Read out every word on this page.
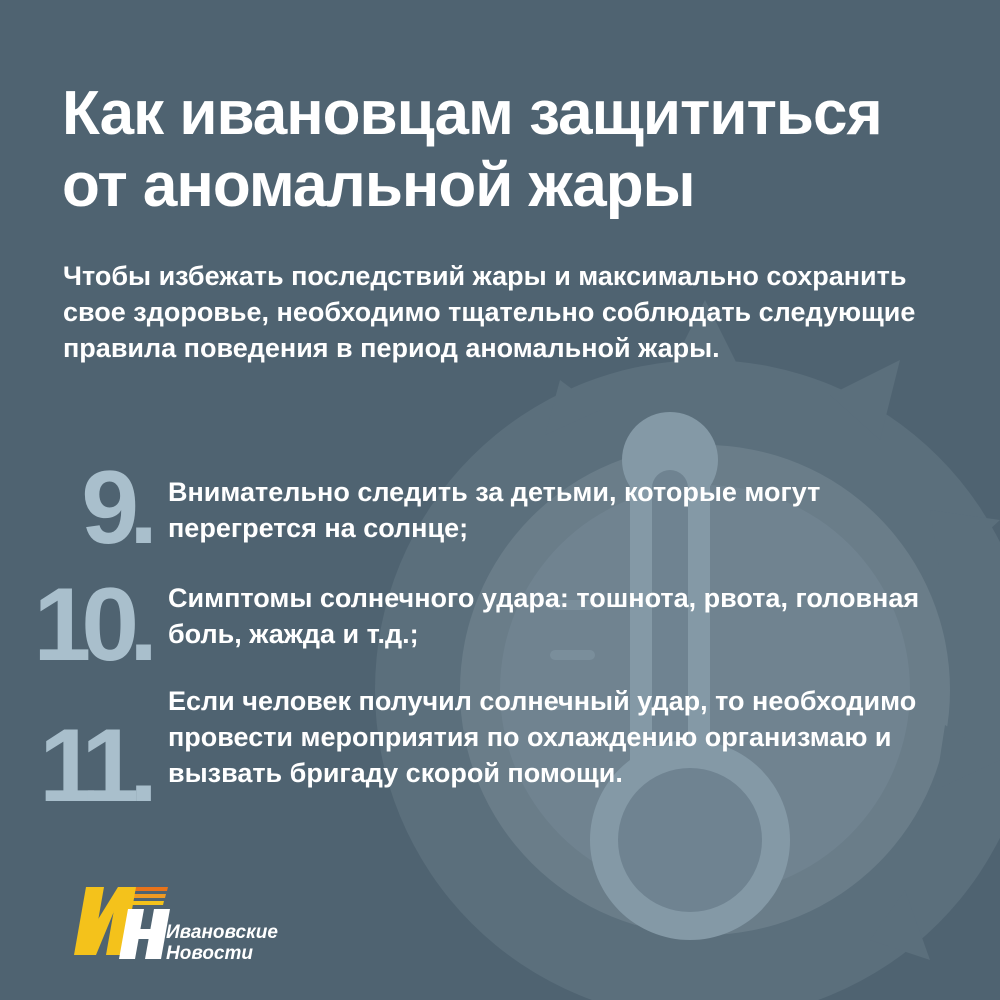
Как ивановцам защититься от аномальной жары

Чтобы избежать последствий жары и максимально сохранить свое здоровье, необходимо тщательно соблюдать следующие правила поведения в период аномальной жары.

9. Внимательно следить за детьми, которые могут перегрется на солнце;
10. Симптомы солнечного удара: тошнота, рвота, головная боль, жажда и т.д.;
11.
Если человек получил солнечный удар, то необходимо провести мероприятия по охлаждению организмаю и вызвать бригаду скорой помощи.
Ивановские
Новости
